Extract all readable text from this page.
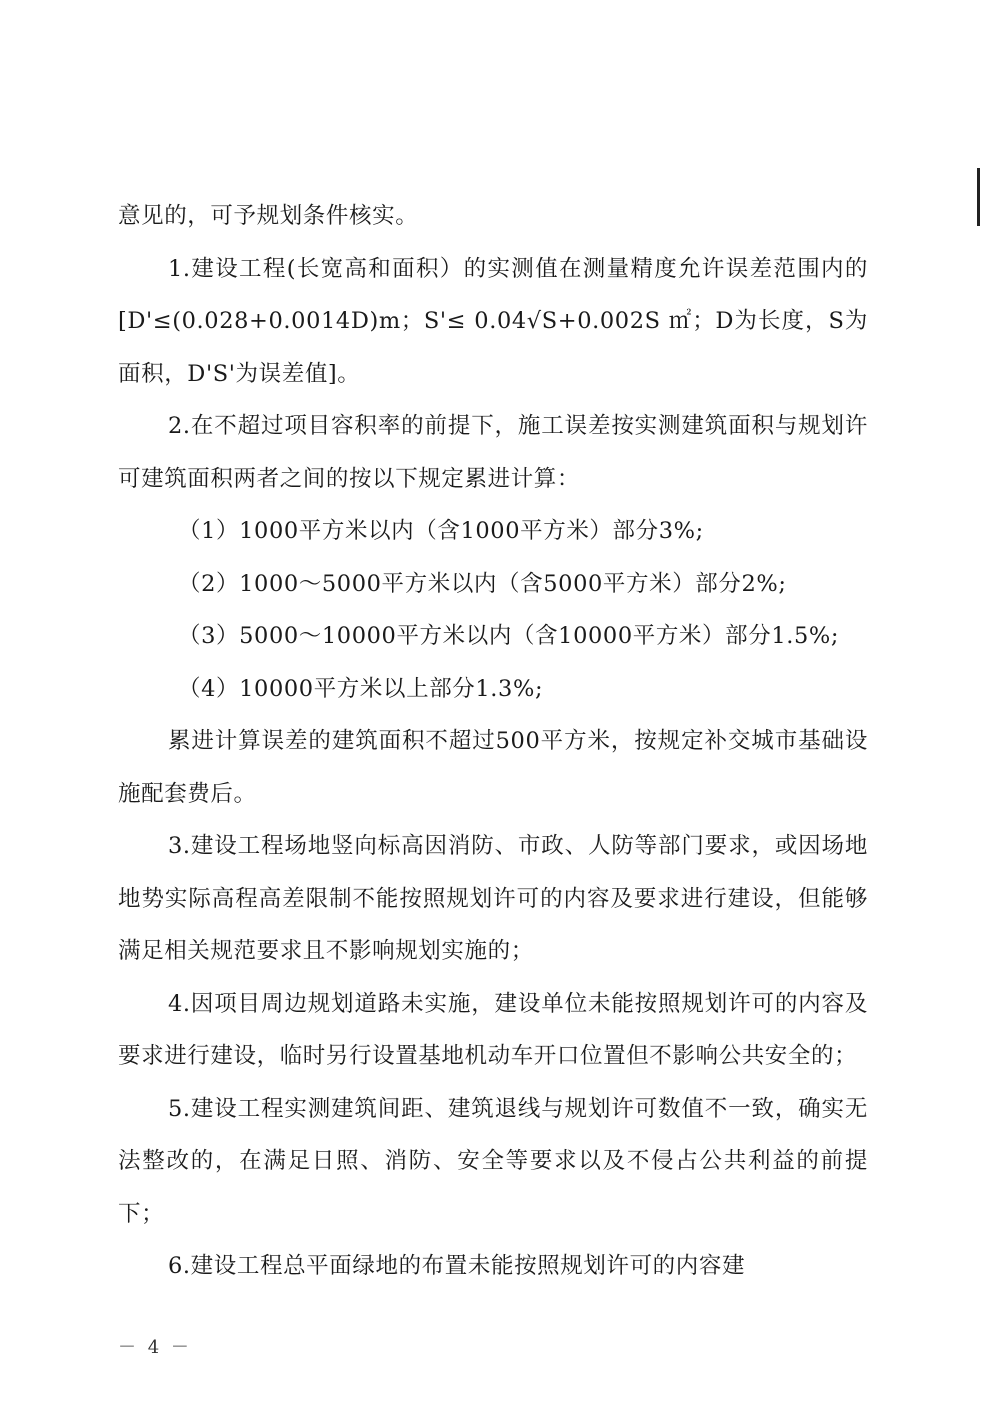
意见的，可予规划条件核实。

1.建设工程(长宽高和面积）的实测值在测量精度允许误差范围内的[D'≤(0.028+0.0014D)m；S'≤ 0.04√S+0.002S ㎡；D为长度，S为面积，D'S'为误差值]。

2.在不超过项目容积率的前提下，施工误差按实测建筑面积与规划许可建筑面积两者之间的按以下规定累进计算：

（1）1000平方米以内（含1000平方米）部分3%;

（2）1000～5000平方米以内（含5000平方米）部分2%;

（3）5000～10000平方米以内（含10000平方米）部分1.5%;

（4）10000平方米以上部分1.3%;

累进计算误差的建筑面积不超过500平方米，按规定补交城市基础设施配套费后。

3.建设工程场地竖向标高因消防、市政、人防等部门要求，或因场地地势实际高程高差限制不能按照规划许可的内容及要求进行建设，但能够满足相关规范要求且不影响规划实施的；

4.因项目周边规划道路未实施，建设单位未能按照规划许可的内容及要求进行建设，临时另行设置基地机动车开口位置但不影响公共安全的；

5.建设工程实测建筑间距、建筑退线与规划许可数值不一致，确实无法整改的，在满足日照、消防、安全等要求以及不侵占公共利益的前提下；

6.建设工程总平面绿地的布置未能按照规划许可的内容建

－ 4 －
